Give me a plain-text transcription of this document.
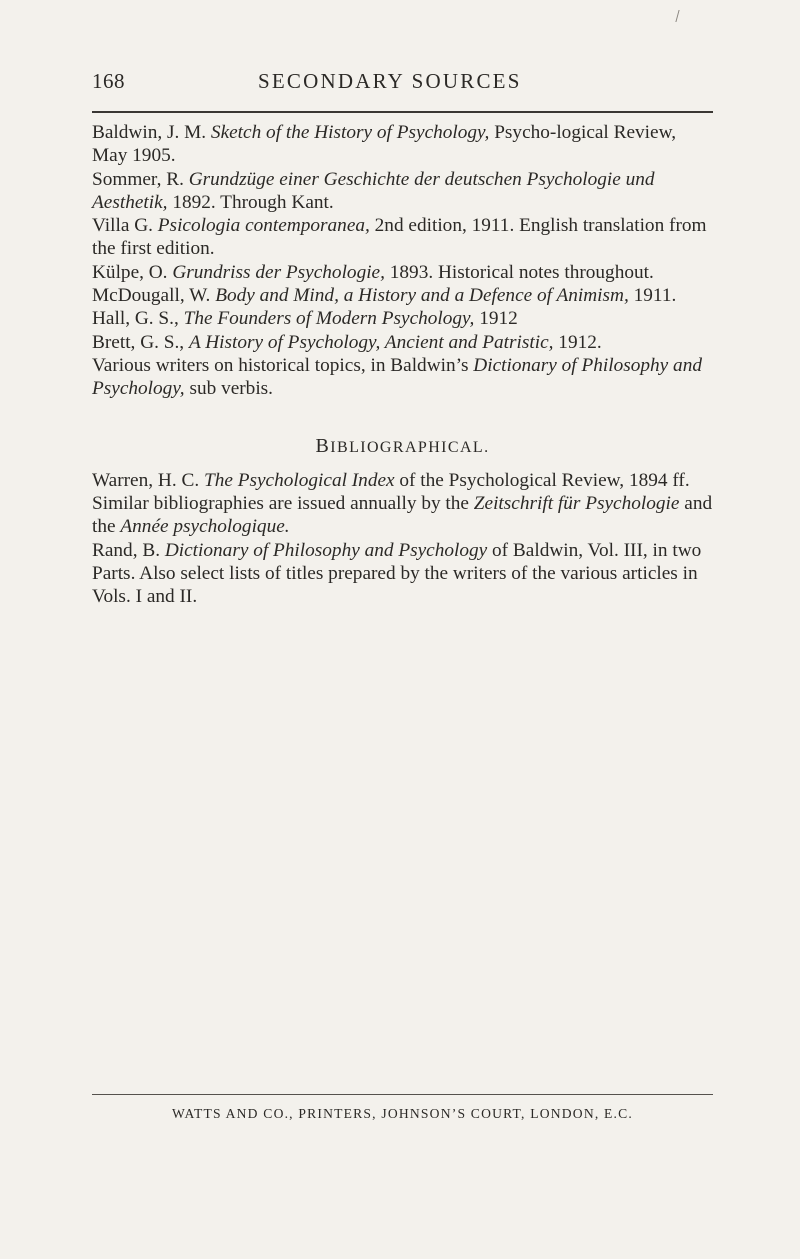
168	SECONDARY SOURCES

Baldwin, J. M. Sketch of the History of Psychology, Psycho-logical Review, May 1905.

Sommer, R. Grundzüge einer Geschichte der deutschen Psychologie und Aesthetik, 1892. Through Kant.

Villa G. Psicologia contemporanea, 2nd edition, 1911. English translation from the first edition.

Külpe, O. Grundriss der Psychologie, 1893. Historical notes throughout.

McDougall, W. Body and Mind, a History and a Defence of Animism, 1911.

Hall, G. S., The Founders of Modern Psychology, 1912

Brett, G. S., A History of Psychology, Ancient and Patristic, 1912.

Various writers on historical topics, in Baldwin’s Dictionary of Philosophy and Psychology, sub verbis.

BIBLIOGRAPHICAL.

Warren, H. C. The Psychological Index of the Psychological Review, 1894 ff. Similar bibliographies are issued annually by the Zeitschrift für Psychologie and the Année psychologique.

Rand, B. Dictionary of Philosophy and Psychology of Baldwin, Vol. III, in two Parts. Also select lists of titles prepared by the writers of the various articles in Vols. I and II.

WATTS AND CO., PRINTERS, JOHNSON’S COURT, LONDON, E.C.
